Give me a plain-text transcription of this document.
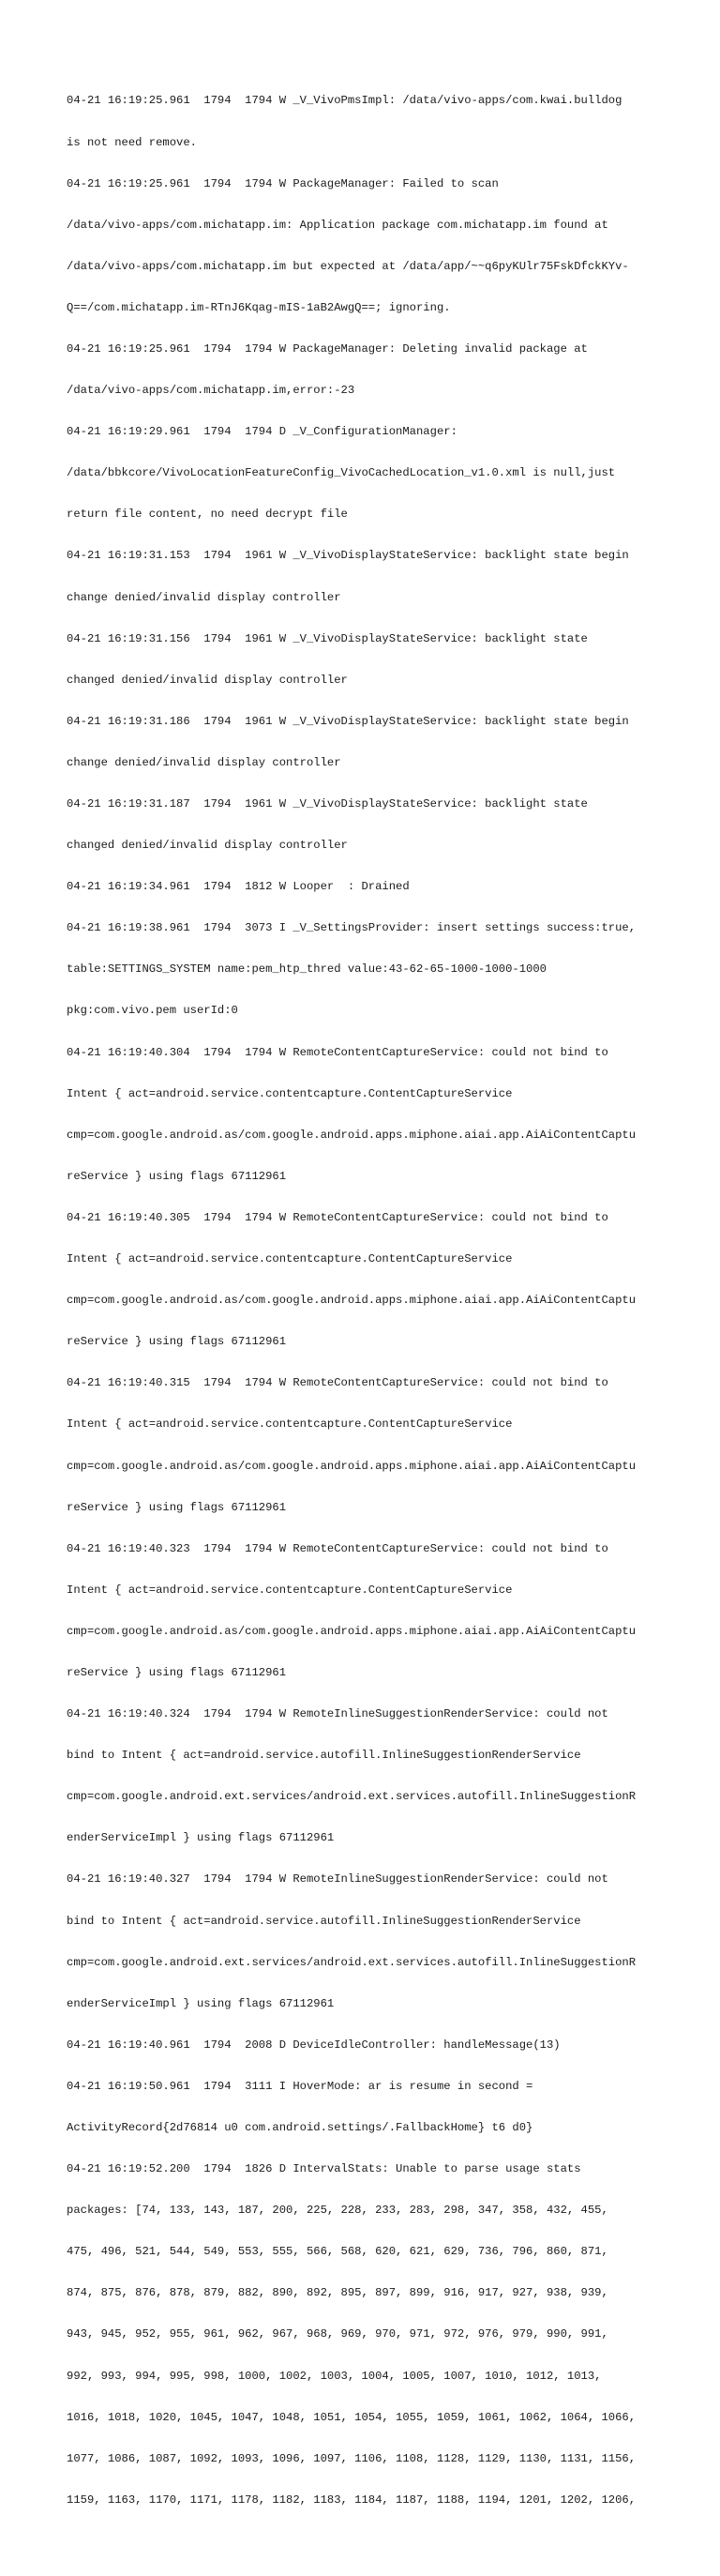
04-21 16:19:25.961  1794  1794 W _V_VivoPmsImpl: /data/vivo-apps/com.kwai.bulldog

is not need remove.

04-21 16:19:25.961  1794  1794 W PackageManager: Failed to scan

/data/vivo-apps/com.michatapp.im: Application package com.michatapp.im found at

/data/vivo-apps/com.michatapp.im but expected at /data/app/~~q6pyKUlr75FskDfckKYv-

Q==/com.michatapp.im-RTnJ6Kqag-mIS-1aB2AwgQ==; ignoring.

04-21 16:19:25.961  1794  1794 W PackageManager: Deleting invalid package at

/data/vivo-apps/com.michatapp.im,error:-23

04-21 16:19:29.961  1794  1794 D _V_ConfigurationManager:

/data/bbkcore/VivoLocationFeatureConfig_VivoCachedLocation_v1.0.xml is null,just

return file content, no need decrypt file

04-21 16:19:31.153  1794  1961 W _V_VivoDisplayStateService: backlight state begin

change denied/invalid display controller

04-21 16:19:31.156  1794  1961 W _V_VivoDisplayStateService: backlight state

changed denied/invalid display controller

04-21 16:19:31.186  1794  1961 W _V_VivoDisplayStateService: backlight state begin

change denied/invalid display controller

04-21 16:19:31.187  1794  1961 W _V_VivoDisplayStateService: backlight state

changed denied/invalid display controller

04-21 16:19:34.961  1794  1812 W Looper  : Drained

04-21 16:19:38.961  1794  3073 I _V_SettingsProvider: insert settings success:true,

table:SETTINGS_SYSTEM name:pem_htp_thred value:43-62-65-1000-1000-1000

pkg:com.vivo.pem userId:0

04-21 16:19:40.304  1794  1794 W RemoteContentCaptureService: could not bind to

Intent { act=android.service.contentcapture.ContentCaptureService

cmp=com.google.android.as/com.google.android.apps.miphone.aiai.app.AiAiContentCaptu

reService } using flags 67112961

04-21 16:19:40.305  1794  1794 W RemoteContentCaptureService: could not bind to

Intent { act=android.service.contentcapture.ContentCaptureService

cmp=com.google.android.as/com.google.android.apps.miphone.aiai.app.AiAiContentCaptu

reService } using flags 67112961

04-21 16:19:40.315  1794  1794 W RemoteContentCaptureService: could not bind to

Intent { act=android.service.contentcapture.ContentCaptureService

cmp=com.google.android.as/com.google.android.apps.miphone.aiai.app.AiAiContentCaptu

reService } using flags 67112961

04-21 16:19:40.323  1794  1794 W RemoteContentCaptureService: could not bind to

Intent { act=android.service.contentcapture.ContentCaptureService

cmp=com.google.android.as/com.google.android.apps.miphone.aiai.app.AiAiContentCaptu

reService } using flags 67112961

04-21 16:19:40.324  1794  1794 W RemoteInlineSuggestionRenderService: could not

bind to Intent { act=android.service.autofill.InlineSuggestionRenderService

cmp=com.google.android.ext.services/android.ext.services.autofill.InlineSuggestionR

enderServiceImpl } using flags 67112961

04-21 16:19:40.327  1794  1794 W RemoteInlineSuggestionRenderService: could not

bind to Intent { act=android.service.autofill.InlineSuggestionRenderService

cmp=com.google.android.ext.services/android.ext.services.autofill.InlineSuggestionR

enderServiceImpl } using flags 67112961

04-21 16:19:40.961  1794  2008 D DeviceIdleController: handleMessage(13)

04-21 16:19:50.961  1794  3111 I HoverMode: ar is resume in second =

ActivityRecord{2d76814 u0 com.android.settings/.FallbackHome} t6 d0}

04-21 16:19:52.200  1794  1826 D IntervalStats: Unable to parse usage stats

packages: [74, 133, 143, 187, 200, 225, 228, 233, 283, 298, 347, 358, 432, 455,

475, 496, 521, 544, 549, 553, 555, 566, 568, 620, 621, 629, 736, 796, 860, 871,

874, 875, 876, 878, 879, 882, 890, 892, 895, 897, 899, 916, 917, 927, 938, 939,

943, 945, 952, 955, 961, 962, 967, 968, 969, 970, 971, 972, 976, 979, 990, 991,

992, 993, 994, 995, 998, 1000, 1002, 1003, 1004, 1005, 1007, 1010, 1012, 1013,

1016, 1018, 1020, 1045, 1047, 1048, 1051, 1054, 1055, 1059, 1061, 1062, 1064, 1066,

1077, 1086, 1087, 1092, 1093, 1096, 1097, 1106, 1108, 1128, 1129, 1130, 1131, 1156,

1159, 1163, 1170, 1171, 1178, 1182, 1183, 1184, 1187, 1188, 1194, 1201, 1202, 1206,
